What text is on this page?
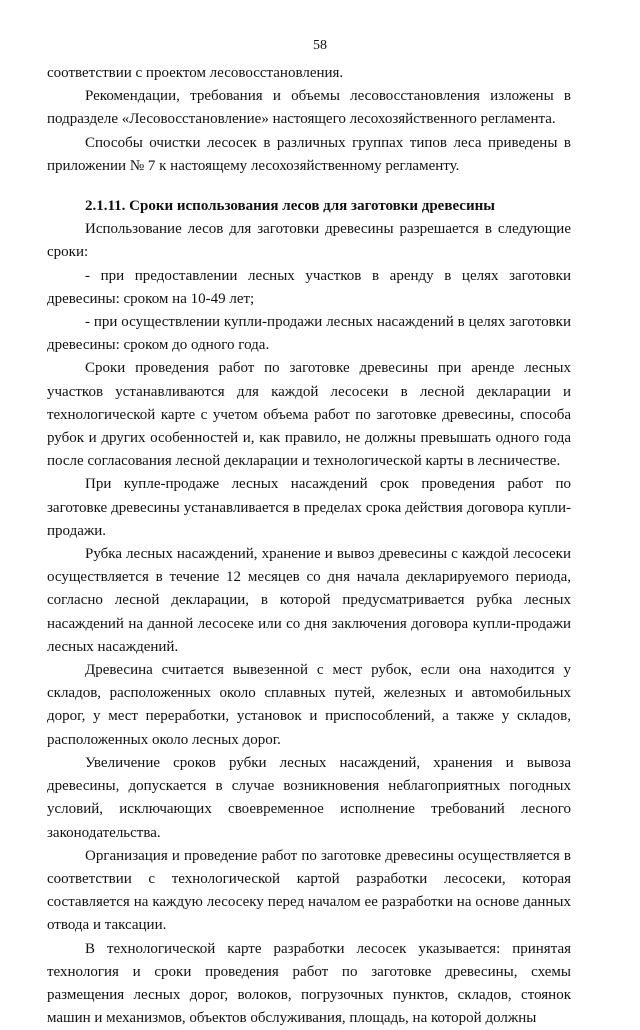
58

соответствии с проектом лесовосстановления.

Рекомендации, требования и объемы лесовосстановления изложены в подразделе «Лесовосстановление» настоящего лесохозяйственного регламента.

Способы очистки лесосек в различных группах типов леса приведены в приложении № 7 к настоящему лесохозяйственному регламенту.

2.1.11. Сроки использования лесов для заготовки древесины

Использование лесов для заготовки древесины разрешается в следующие сроки:

- при предоставлении лесных участков в аренду в целях заготовки древесины: сроком на 10-49 лет;

- при осуществлении купли-продажи лесных насаждений в целях заготовки древесины: сроком до одного года.

Сроки проведения работ по заготовке древесины при аренде лесных участков устанавливаются для каждой лесосеки в лесной декларации и технологической карте с учетом объема работ по заготовке древесины, способа рубок и других особенностей и, как правило, не должны превышать одного года после согласования лесной декларации и технологической карты в лесничестве.

При купле-продаже лесных насаждений срок проведения работ по заготовке древесины устанавливается в пределах срока действия договора купли-продажи.

Рубка лесных насаждений, хранение и вывоз древесины с каждой лесосеки осуществляется в течение 12 месяцев со дня начала декларируемого периода, согласно лесной декларации, в которой предусматривается рубка лесных насаждений на данной лесосеке или со дня заключения договора купли-продажи лесных насаждений.

Древесина считается вывезенной с мест рубок, если она находится у складов, расположенных около сплавных путей, железных и автомобильных дорог, у мест переработки, установок и приспособлений, а также у складов, расположенных около лесных дорог.

Увеличение сроков рубки лесных насаждений, хранения и вывоза древесины, допускается в случае возникновения неблагоприятных погодных условий, исключающих своевременное исполнение требований лесного законодательства.

Организация и проведение работ по заготовке древесины осуществляется в соответствии с технологической картой разработки лесосеки, которая составляется на каждую лесосеку перед началом ее разработки на основе данных отвода и таксации.

В технологической карте разработки лесосек указывается: принятая технология и сроки проведения работ по заготовке древесины, схемы размещения лесных дорог, волоков, погрузочных пунктов, складов, стоянок машин и механизмов, объектов обслуживания, площадь, на которой должны
